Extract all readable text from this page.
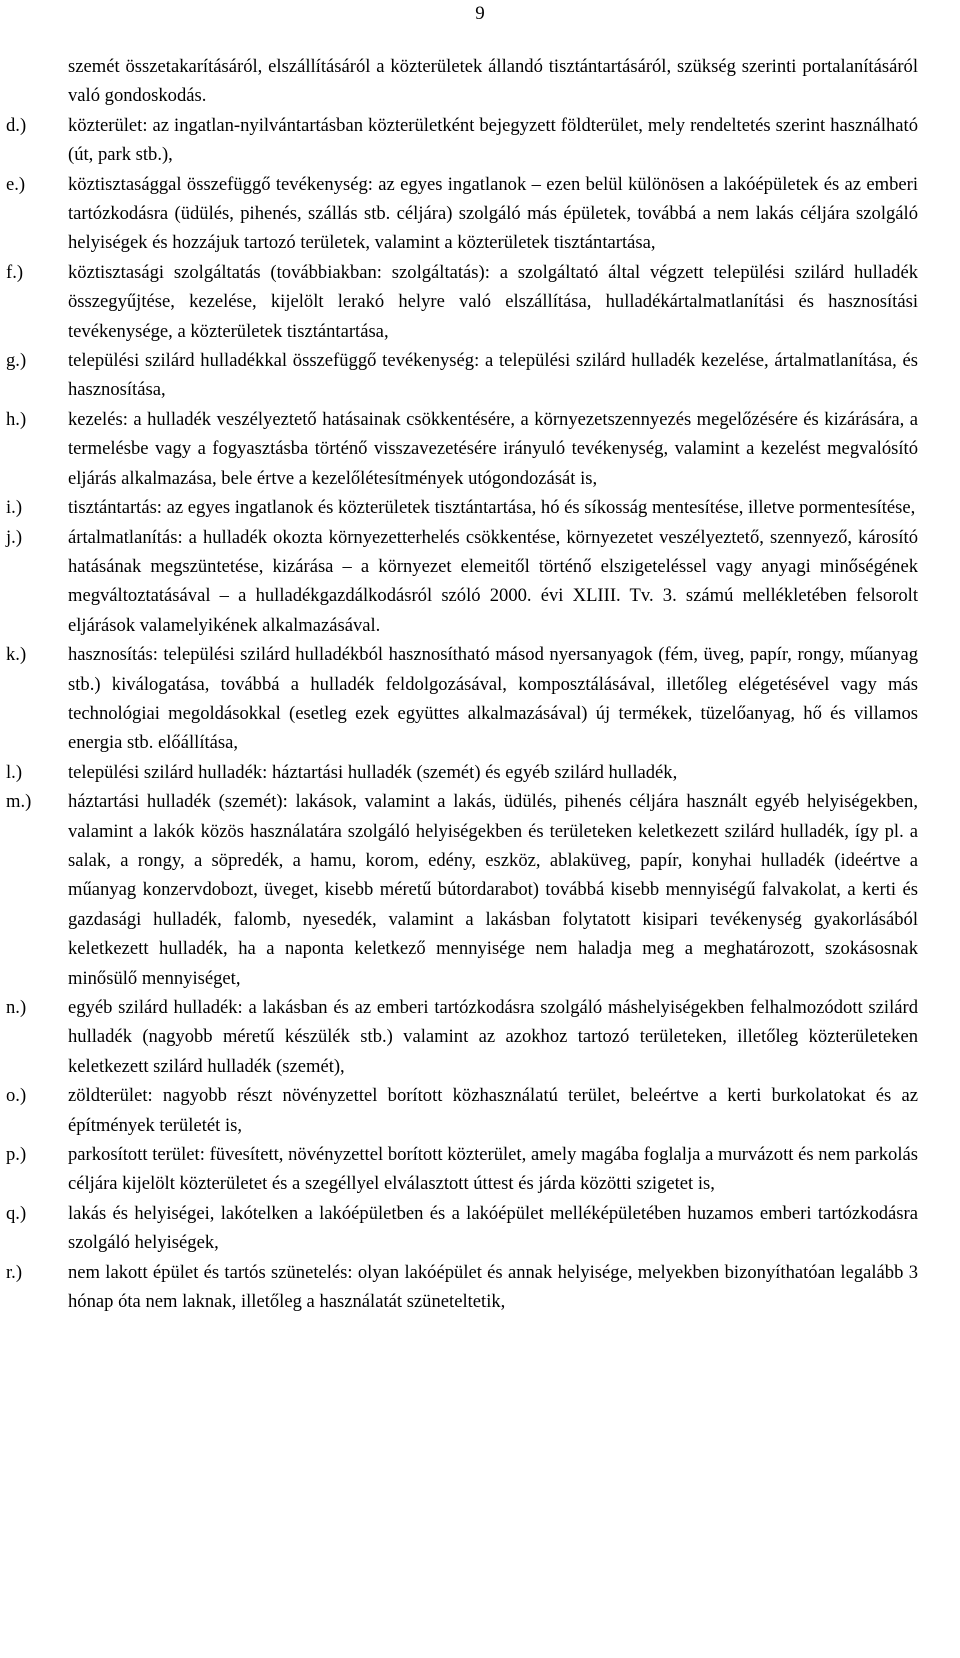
9

szemét összetakarításáról, elszállításáról a közterületek állandó tisztántartásáról, szükség szerinti portalanításáról való gondoskodás.

d.) közterület: az ingatlan-nyilvántartásban közterületként bejegyzett földterület, mely rendeltetés szerint használható (út, park stb.),

e.) köztisztasággal összefüggő tevékenység: az egyes ingatlanok – ezen belül különösen a lakóépületek és az emberi tartózkodásra (üdülés, pihenés, szállás stb. céljára) szolgáló más épületek, továbbá a nem lakás céljára szolgáló helyiségek és hozzájuk tartozó területek, valamint a közterületek tisztántartása,

f.) köztisztasági szolgáltatás (továbbiakban: szolgáltatás): a szolgáltató által végzett települési szilárd hulladék összegyűjtése, kezelése, kijelölt lerakó helyre való elszállítása, hulladékártalmatlanítási és hasznosítási tevékenysége, a közterületek tisztántartása,

g.) települési szilárd hulladékkal összefüggő tevékenység: a települési szilárd hulladék kezelése, ártalmatlanítása, és hasznosítása,

h.) kezelés: a hulladék veszélyeztető hatásainak csökkentésére, a környezetszennyezés megelőzésére és kizárására, a termelésbe vagy a fogyasztásba történő visszavezetésére irányuló tevékenység, valamint a kezelést megvalósító eljárás alkalmazása, bele értve a kezelőlétesítmények utógondozását is,

i.) tisztántartás: az egyes ingatlanok és közterületek tisztántartása, hó és síkosság mentesítése, illetve pormentesítése,

j.) ártalmatlanítás: a hulladék okozta környezetterhelés csökkentése, környezetet veszélyeztető, szennyező, károsító hatásának megszüntetése, kizárása – a környezet elemeitől történő elszigeteléssel vagy anyagi minőségének megváltoztatásával – a hulladékgazdálkodásról szóló 2000. évi XLIII. Tv. 3. számú mellékletében felsorolt eljárások valamelyikének alkalmazásával.

k.) hasznosítás: települési szilárd hulladékból hasznosítható másod nyersanyagok (fém, üveg, papír, rongy, műanyag stb.) kiválogatása, továbbá a hulladék feldolgozásával, komposztálásával, illetőleg elégetésével vagy más technológiai megoldásokkal (esetleg ezek együttes alkalmazásával) új termékek, tüzelőanyag, hő és villamos energia stb. előállítása,

l.) települési szilárd hulladék: háztartási hulladék (szemét) és egyéb szilárd hulladék,

m.) háztartási hulladék (szemét): lakások, valamint a lakás, üdülés, pihenés céljára használt egyéb helyiségekben, valamint a lakók közös használatára szolgáló helyiségekben és területeken keletkezett szilárd hulladék, így pl. a salak, a rongy, a söpredék, a hamu, korom, edény, eszköz, ablaküveg, papír, konyhai hulladék (ideértve a műanyag konzervdobozt, üveget, kisebb méretű bútordarabot) továbbá kisebb mennyiségű falvakolat, a kerti és gazdasági hulladék, falomb, nyesedék, valamint a lakásban folytatott kisipari tevékenység gyakorlásából keletkezett hulladék, ha a naponta keletkező mennyisége nem haladja meg a meghatározott, szokásosnak minősülő mennyiséget,

n.) egyéb szilárd hulladék: a lakásban és az emberi tartózkodásra szolgáló máshelyiségekben felhalmozódott szilárd hulladék (nagyobb méretű készülék stb.) valamint az azokhoz tartozó területeken, illetőleg közterületeken keletkezett szilárd hulladék (szemét),

o.) zöldterület: nagyobb részt növényzettel borított közhasználatú terület, beleértve a kerti burkolatokat és az építmények területét is,

p.) parkosított terület: füvesített, növényzettel borított közterület, amely magába foglalja a murvázott és nem parkolás céljára kijelölt közterületet és a szegéllyel elválasztott úttest és járda közötti szigetet is,

q.) lakás és helyiségei, lakótelken a lakóépületben és a lakóépület melléképületében huzamos emberi tartózkodásra szolgáló helyiségek,

r.) nem lakott épület és tartós szünetelés: olyan lakóépület és annak helyisége, melyekben bizonyíthatóan legalább 3 hónap óta nem laknak, illetőleg a használatát szüneteltetik,
